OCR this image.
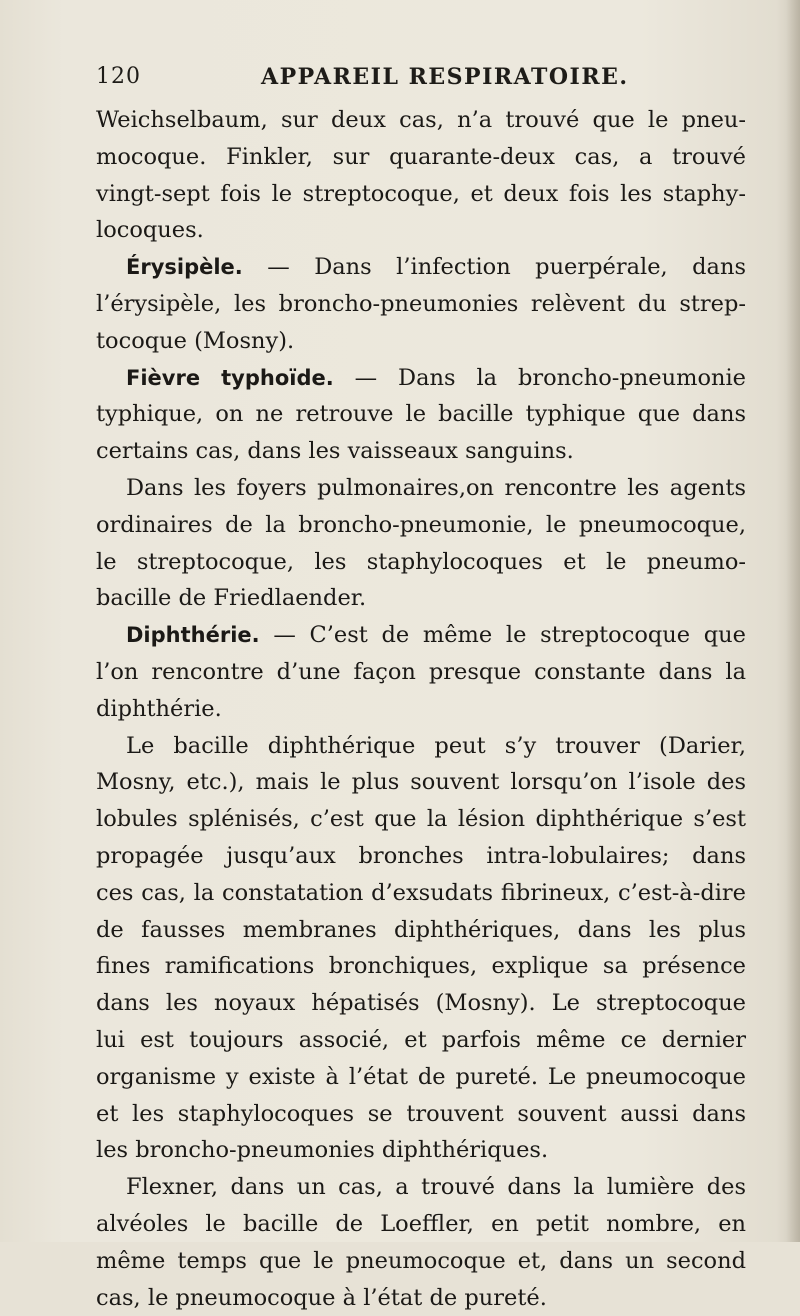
120	APPAREIL RESPIRATOIRE.
Weichselbaum, sur deux cas, n’a trouvé que le pneu-
mocoque. Finkler, sur quarante-deux cas, a trouvé
vingt-sept fois le streptocoque, et deux fois les staphy-
locoques.
Érysipèle. — Dans l’infection puerpérale, dans
l’érysipèle, les broncho-pneumonies relèvent du strep-
tocoque (Mosny).
Fièvre typhoïde. — Dans la broncho-pneumonie
typhique, on ne retrouve le bacille typhique que dans
certains cas, dans les vaisseaux sanguins.
Dans les foyers pulmonaires,on rencontre les agents
ordinaires de la broncho-pneumonie, le pneumocoque,
le streptocoque, les staphylocoques et le pneumo-
bacille de Friedlaender.
Diphthérie. — C’est de même le streptocoque que
l’on rencontre d’une façon presque constante dans la
diphthérie.
Le bacille diphthérique peut s’y trouver (Darier,
Mosny, etc.), mais le plus souvent lorsqu’on l’isole des
lobules splénisés, c’est que la lésion diphthérique s’est
propagée jusqu’aux bronches intra-lobulaires; dans
ces cas, la constatation d’exsudats fibrineux, c’est-à-dire
de fausses membranes diphthériques, dans les plus
fines ramifications bronchiques, explique sa présence
dans les noyaux hépatisés (Mosny). Le streptocoque
lui est toujours associé, et parfois même ce dernier
organisme y existe à l’état de pureté. Le pneumocoque
et les staphylocoques se trouvent souvent aussi dans
les broncho-pneumonies diphthériques.
Flexner, dans un cas, a trouvé dans la lumière des
alvéoles le bacille de Loeffler, en petit nombre, en
même temps que le pneumocoque et, dans un second
cas, le pneumocoque à l’état de pureté.
